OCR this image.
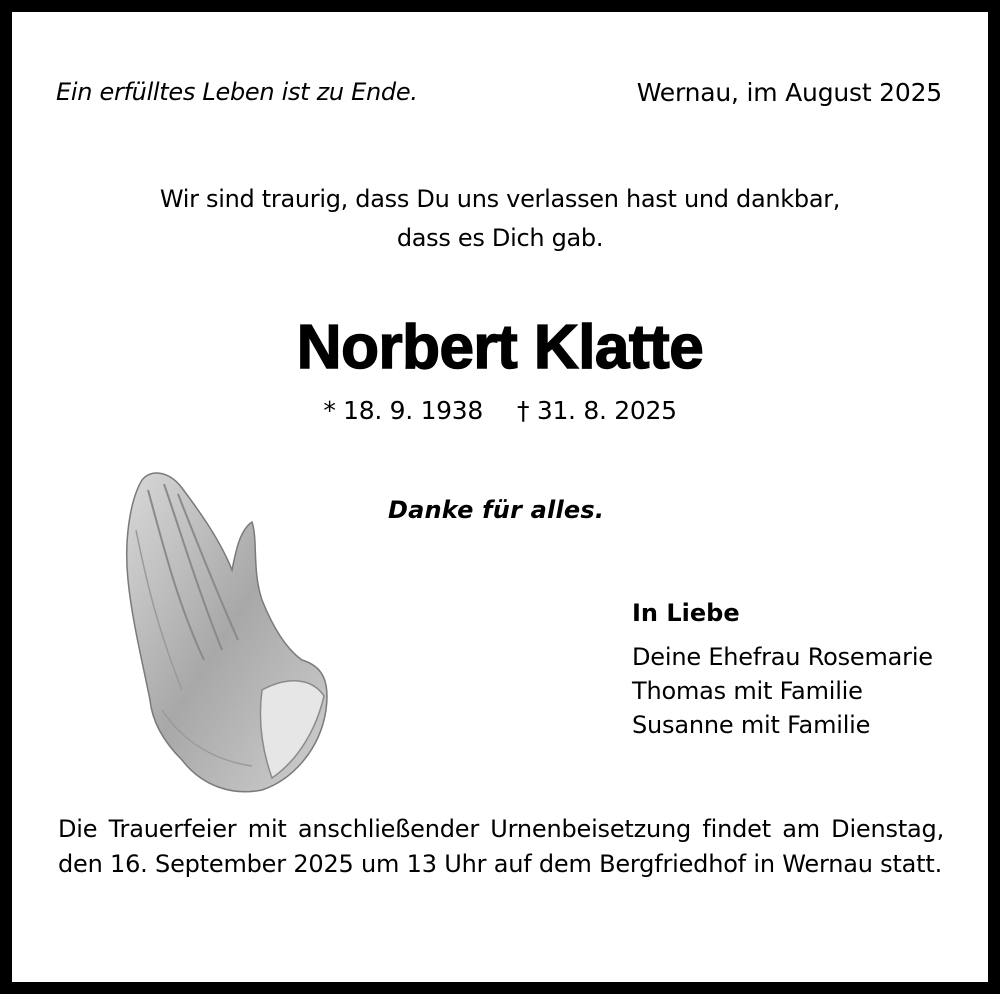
Ein erfülltes Leben ist zu Ende.	Wernau, im August 2025
Wir sind traurig, dass Du uns verlassen hast und dankbar,
dass es Dich gab.
Norbert Klatte
* 18. 9. 1938 † 31. 8. 2025
Danke für alles.
In Liebe
Deine Ehefrau Rosemarie
Thomas mit Familie
Susanne mit Familie
Die Trauerfeier mit anschließender Urnenbeisetzung findet am Dienstag, den 16. September 2025 um 13 Uhr auf dem Bergfriedhof in Wernau statt.
